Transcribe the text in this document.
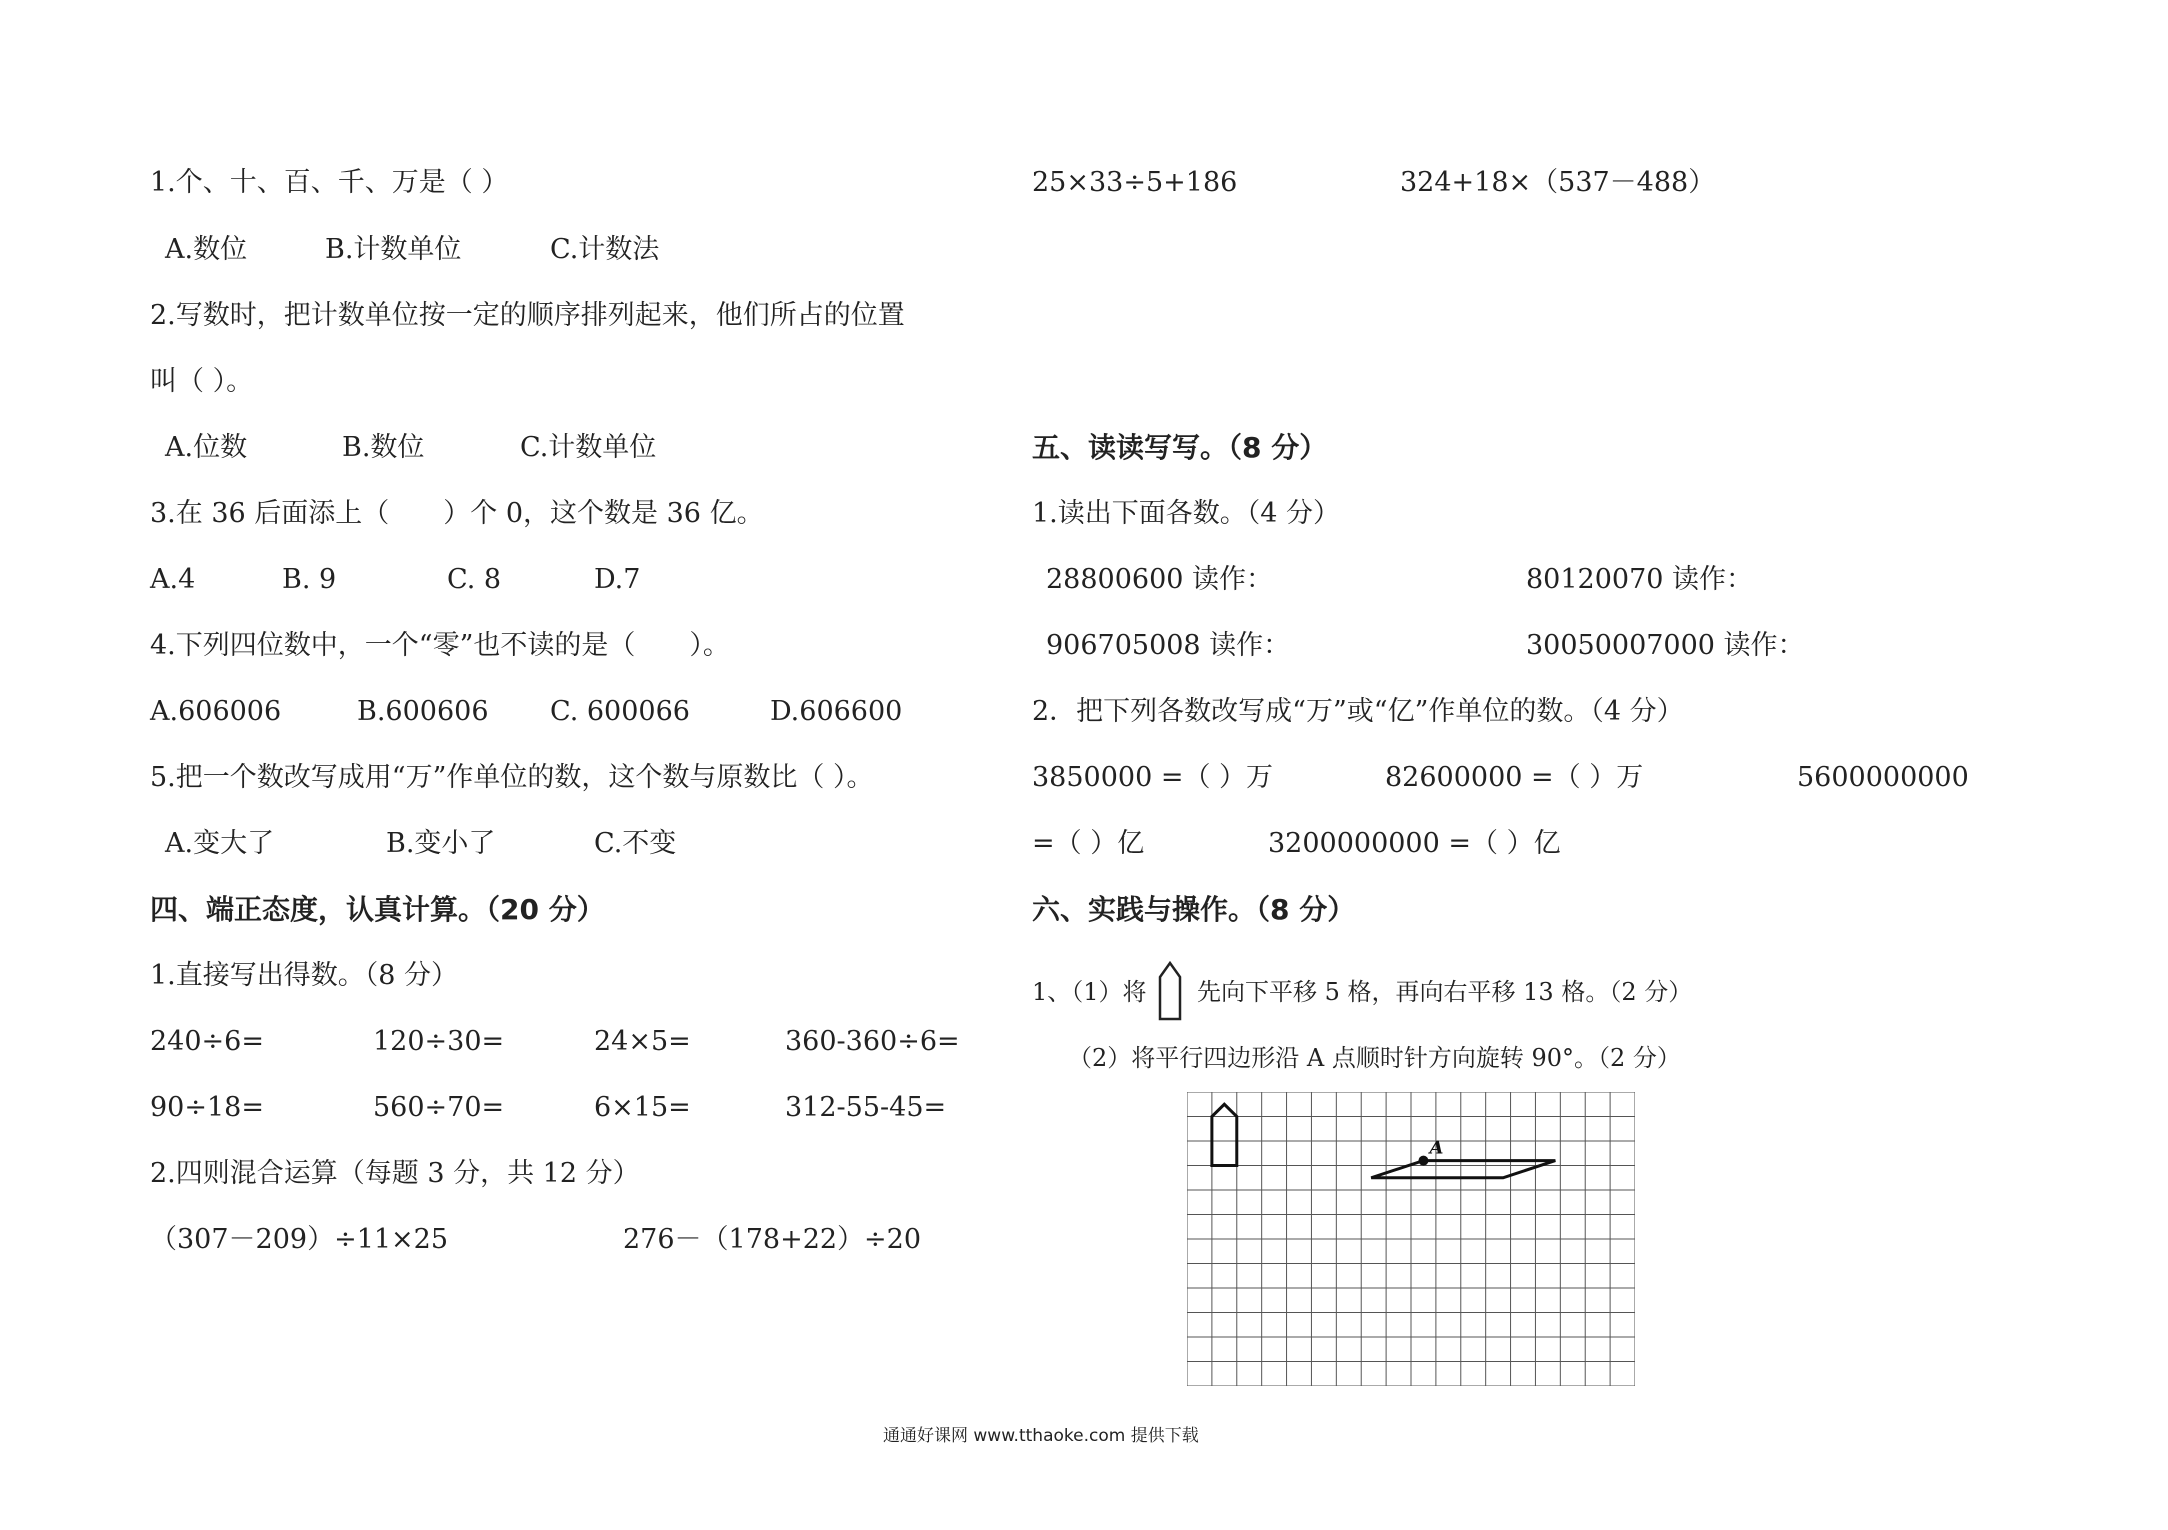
1.个、十、百、千、万是（ ）
A.数位	B.计数单位	C.计数法
2.写数时，把计数单位按一定的顺序排列起来，他们所占的位置
叫（ ）。
A.位数	B.数位	C.计数单位
3.在 36 后面添上（　　）个 0，这个数是 36 亿。
A.4	B. 9	C. 8	D.7
4.下列四位数中，一个“零”也不读的是（　　）。
A.606006	B.600606 C. 600066	D.606600
5.把一个数改写成用“万”作单位的数，这个数与原数比（ ）。
A.变大了	B.变小了	C.不变
四、端正态度，认真计算。（20 分）
1.直接写出得数。（8 分）
240÷6=	120÷30=	24×5=	360-360÷6=
90÷18=	560÷70=	6×15=	312-55-45=
2.四则混合运算（每题 3 分，共 12 分）
（307－209）÷11×25	276－（178+22）÷20
25×33÷5+186	324+18×（537－488）
五、读读写写。（8 分）
1.读出下面各数。（4 分）
28800600 读作：	80120070 读作：
906705008 读作：	30050007000 读作：
2．把下列各数改写成“万”或“亿”作单位的数。（4 分）
3850000 =（ ）万	82600000 =（ ）万	5600000000
=（ ）亿	3200000000 =（ ）亿
六、实践与操作。（8 分）
1、（1）将 先向下平移 5 格，再向右平移 13 格。（2 分）
（2）将平行四边形沿 A 点顺时针方向旋转 90°。（2 分）
A
通通好课网 www.tthaoke.com 提供下载
